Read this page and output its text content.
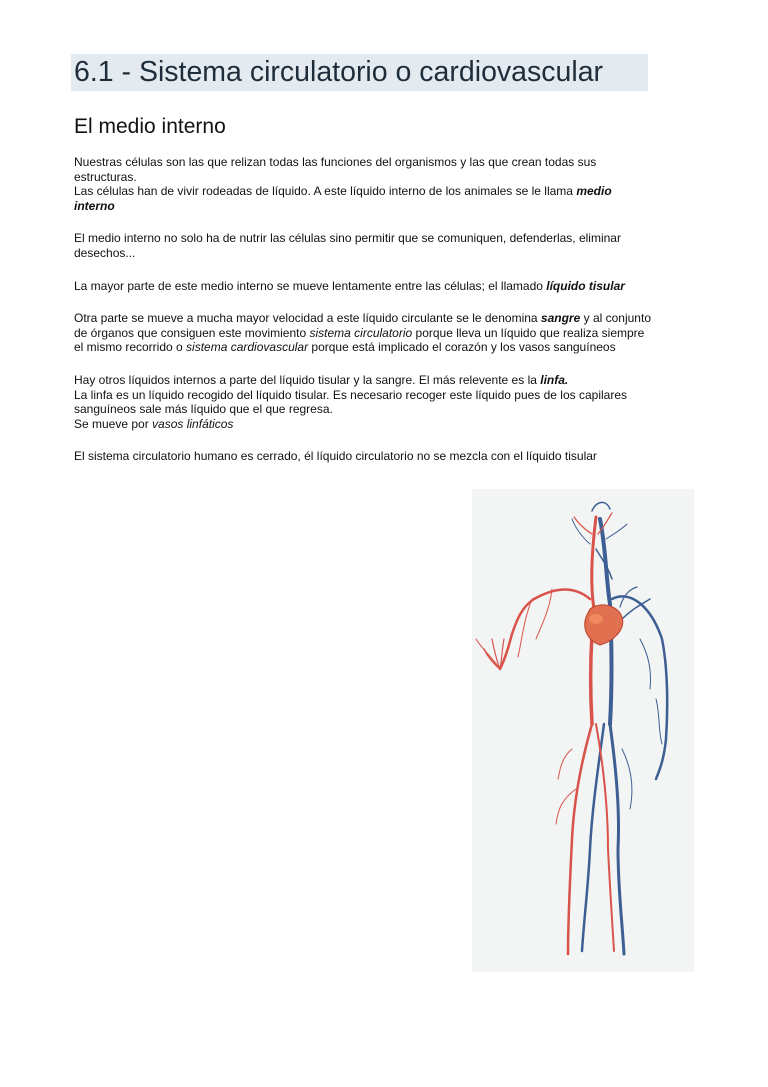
6.1 - Sistema circulatorio o cardiovascular
El medio interno

Nuestras células son las que relizan todas las funciones del organismos y las que crean todas sus
estructuras.
Las células han de vivir rodeadas de líquido. A este líquido interno de los animales se le llama medio
interno

El medio interno no solo ha de nutrir las células sino permitir que se comuniquen, defenderlas, eliminar
desechos...

La mayor parte de este medio interno se mueve lentamente entre las células; el llamado líquido tisular

Otra parte se mueve a mucha mayor velocidad a este líquido circulante se le denomina sangre y al conjunto
de órganos que consiguen este movimiento sistema circulatorio porque lleva un líquido que realiza siempre
el mismo recorrido o sistema cardiovascular porque está implicado el corazón y los vasos sanguíneos

Hay otros líquidos internos a parte del líquido tisular y la sangre. El más relevente es la linfa.
La linfa es un líquido recogido del líquido tisular. Es necesario recoger este líquido pues de los capilares
sanguíneos sale más líquido que el que regresa.
Se mueve por vasos linfáticos

El sistema circulatorio humano es cerrado, él líquido circulatorio no se mezcla con el líquido tisular
